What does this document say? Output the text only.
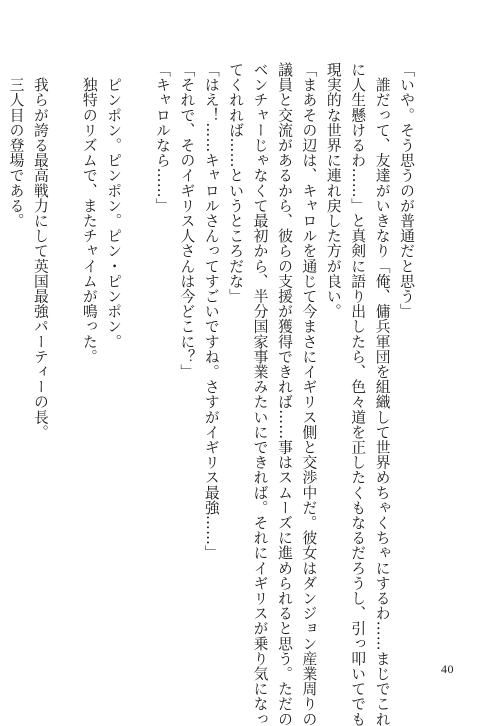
「いや。そう思うのが普通だと思う」

　誰だって、友達がいきなり「俺、傭兵軍団を組織して世界めちゃくちゃにするわ……まじでこれ

に人生懸けるわ……」と真剣に語り出したら、色々道を正したくもなるだろうし、引っ叩いてでも

現実的な世界に連れ戻した方が良い。

「まあその辺は、キャロルを通じて今まさにイギリス側と交渉中だ。彼女はダンジョン産業周りの

議員と交流があるから、彼らの支援が獲得できれば……事はスムーズに進められると思う。ただの

ベンチャーじゃなくて最初から、半分国家事業みたいにできれば。それにイギリスが乗り気になっ

てくれれば……というところだな」

「はえ！……キャロルさんってすごいですね。さすがイギリス最強……」

「それで、そのイギリス人さんは今どこに？」

「キャロルなら……」

　ピンポン。ピンポン。ピン・ピンポン。

　独特のリズムで、またチャイムが鳴った。

　我らが誇る最高戦力にして英国最強パーティーの長。

　三人目の登場である。

40
